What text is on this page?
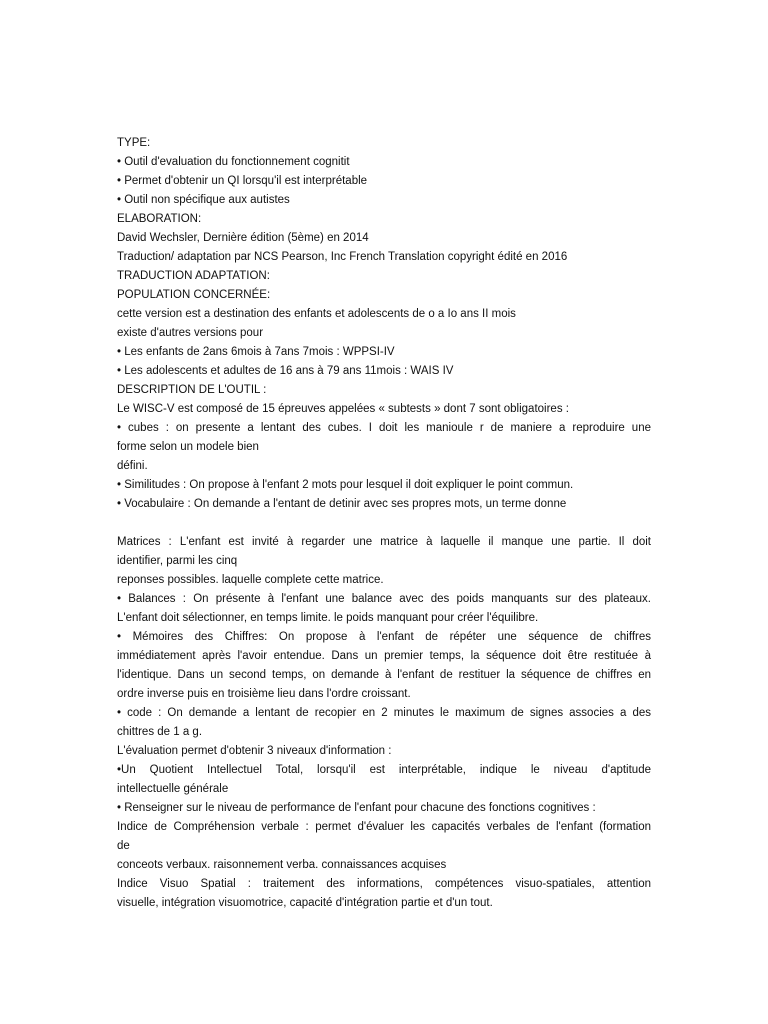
TYPE:
• Outil d'evaluation du fonctionnement cognitit
• Permet d'obtenir un QI lorsqu'il est interprétable
• Outil non spécifique aux autistes
ELABORATION:
David Wechsler, Dernière édition (5ème) en 2014
Traduction/ adaptation par NCS Pearson, Inc French Translation copyright édité en 2016
TRADUCTION ADAPTATION:
POPULATION CONCERNÉE:
cette version est a destination des enfants et adolescents de o a Io ans II mois
existe d'autres versions pour
• Les enfants de 2ans 6mois à 7ans 7mois : WPPSI-IV
• Les adolescents et adultes de 16 ans à 79 ans 11mois : WAIS IV
DESCRIPTION DE L'OUTIL :
Le WISC-V est composé de 15 épreuves appelées « subtests » dont 7 sont obligatoires :
• cubes : on presente a lentant des cubes. I doit les manioule r de maniere a reproduire une
forme selon un modele bien
défini.
• Similitudes : On propose à l'enfant 2 mots pour lesquel il doit expliquer le point commun.
• Vocabulaire : On demande a l'entant de detinir avec ses propres mots, un terme donne
Matrices : L'enfant est invité à regarder une matrice à laquelle il manque une partie. Il doit
identifier, parmi les cinq
reponses possibles. laquelle complete cette matrice.
• Balances : On présente à l'enfant une balance avec des poids manquants sur des plateaux.
L'enfant doit sélectionner, en temps limite. le poids manquant pour créer l'équilibre.
• Mémoires des Chiffres: On propose à l'enfant de répéter une séquence de chiffres
immédiatement après l'avoir entendue. Dans un premier temps, la séquence doit être restituée à
l'identique. Dans un second temps, on demande à l'enfant de restituer la séquence de chiffres en
ordre inverse puis en troisième lieu dans l'ordre croissant.
• code : On demande a lentant de recopier en 2 minutes le maximum de signes associes a des
chittres de 1 a g.
L'évaluation permet d'obtenir 3 niveaux d'information :
•Un Quotient Intellectuel Total, lorsqu'il est interprétable, indique le niveau d'aptitude
intellectuelle générale
• Renseigner sur le niveau de performance de l'enfant pour chacune des fonctions cognitives :
Indice de Compréhension verbale : permet d'évaluer les capacités verbales de l'enfant (formation
de
conceots verbaux. raisonnement verba. connaissances acquises
Indice Visuo Spatial : traitement des informations, compétences visuo-spatiales, attention
visuelle, intégration visuomotrice, capacité d'intégration partie et d'un tout.
